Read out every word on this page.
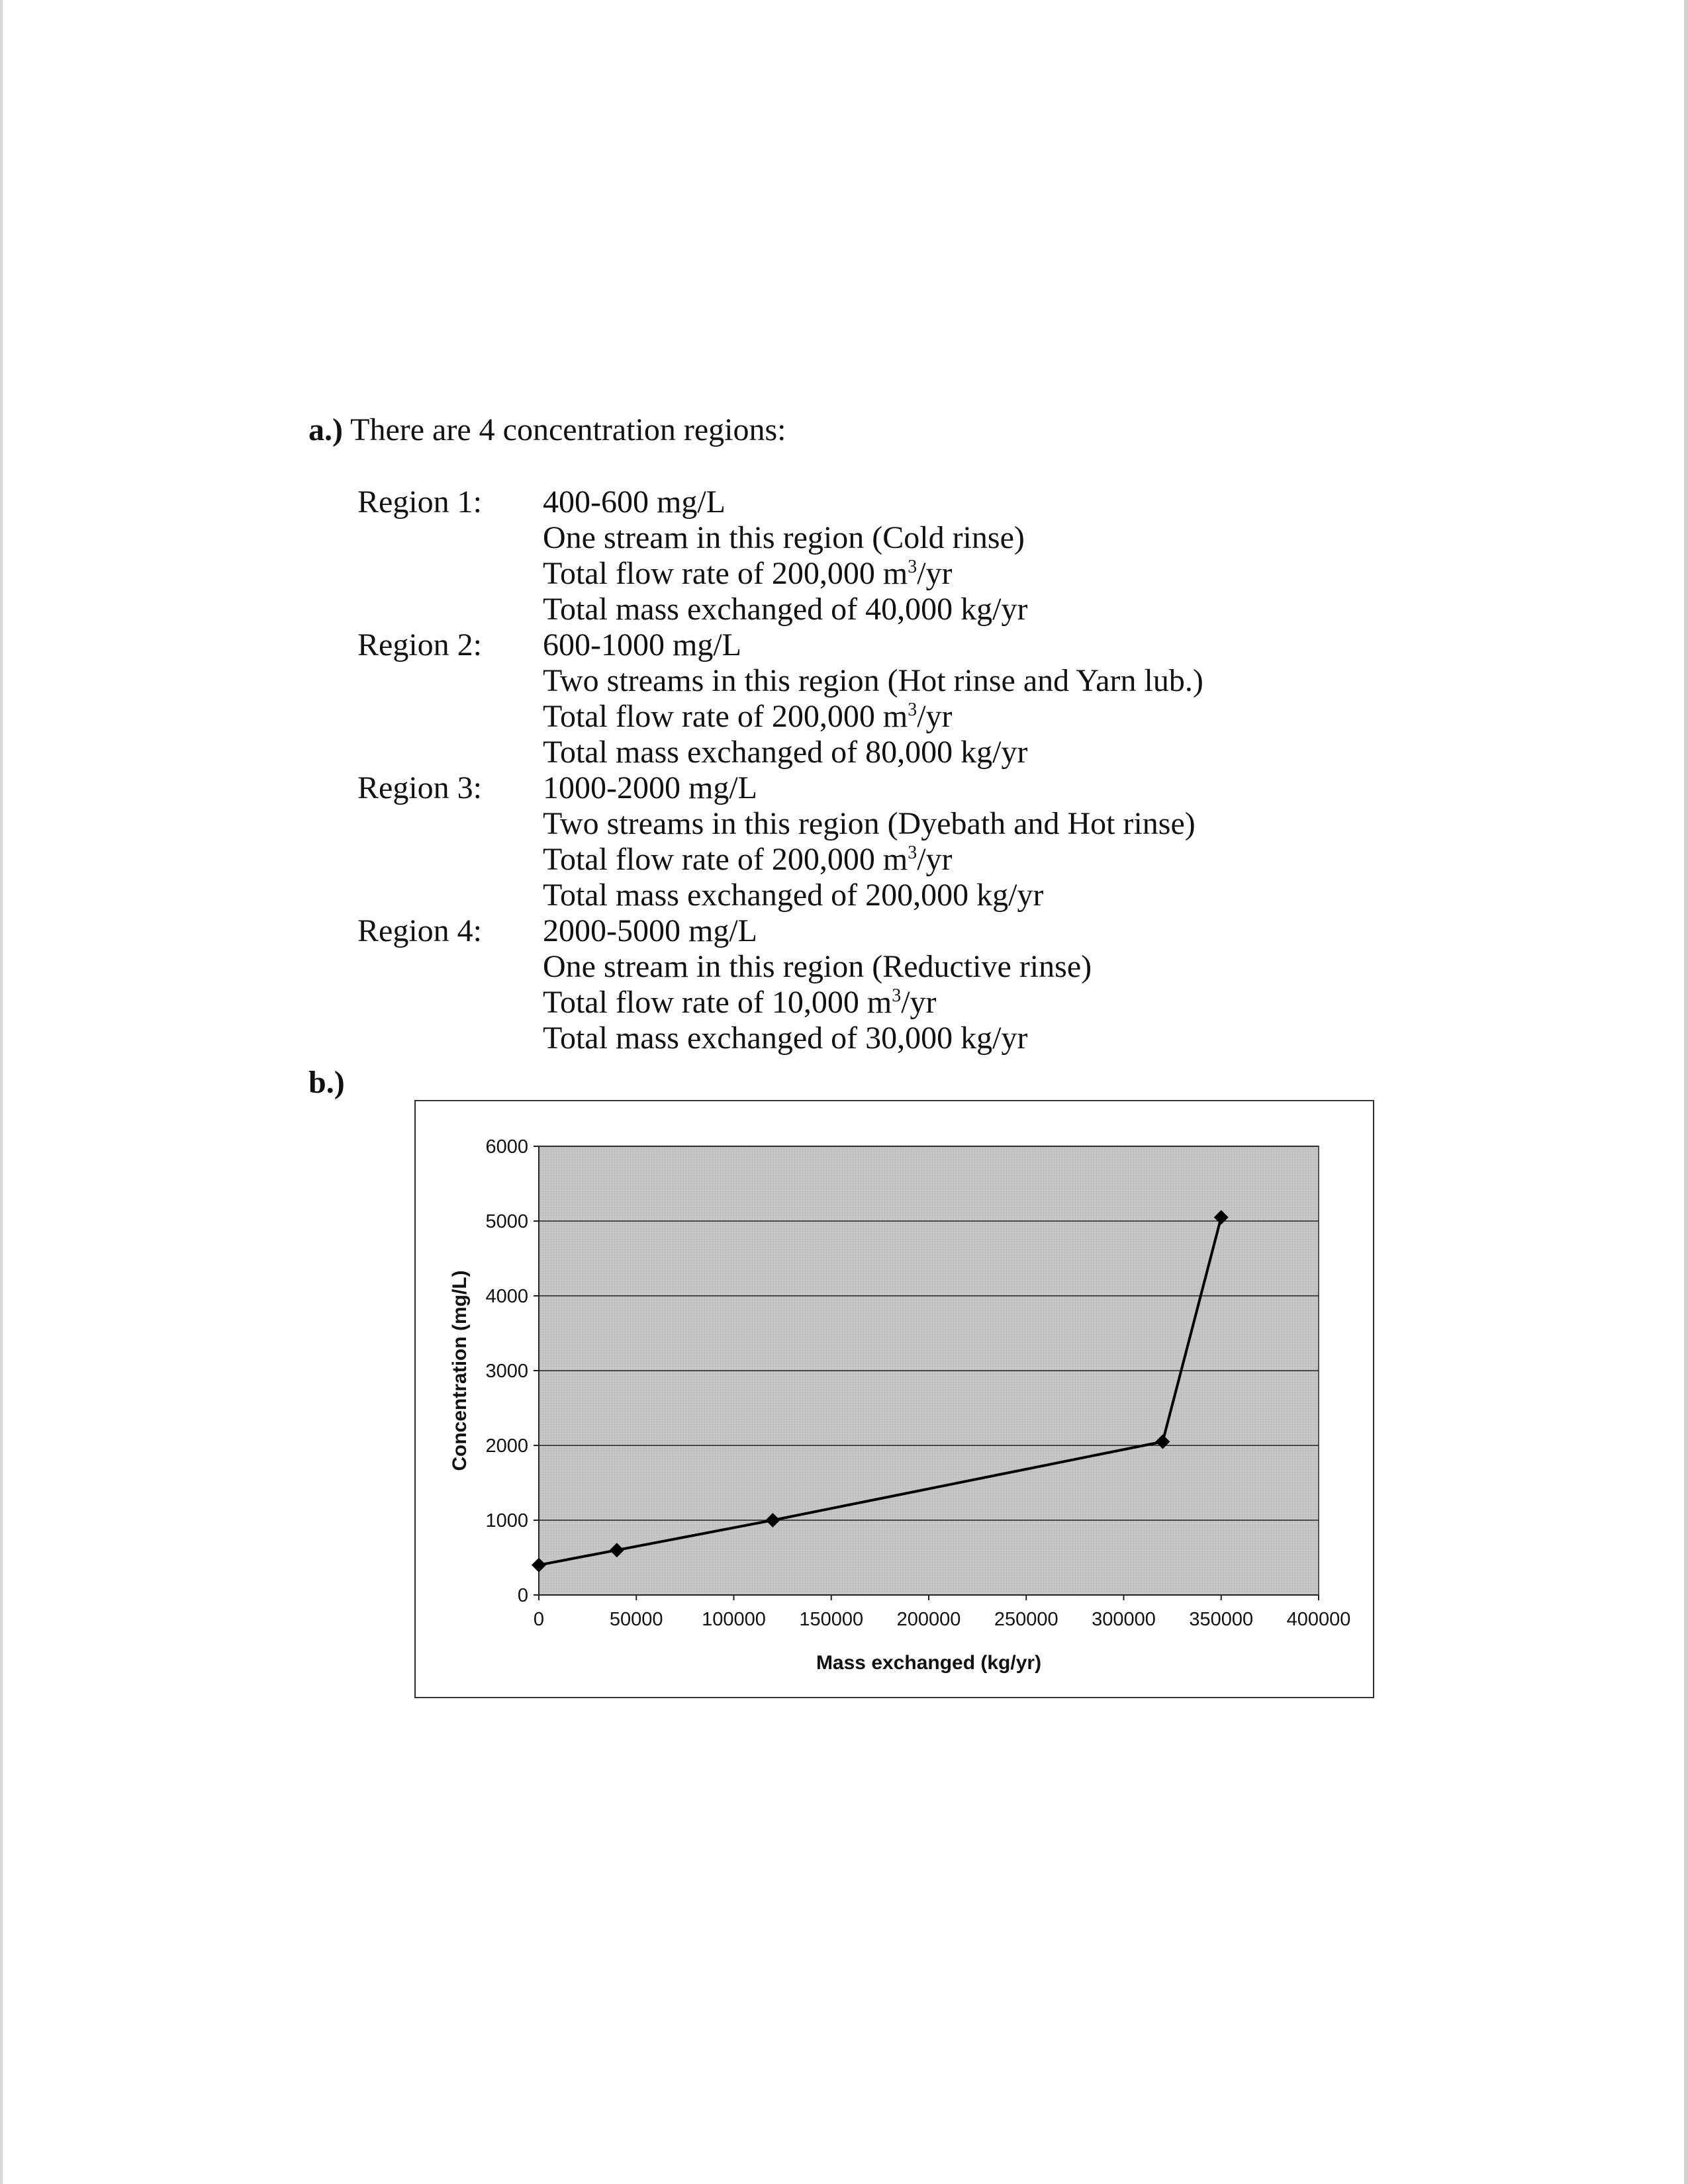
a.) There are 4 concentration regions:
Region 1: 400-600 mg/L
One stream in this region (Cold rinse)
Total flow rate of 200,000 $m^3/yr$
Total mass exchanged of 40,000 kg/yr
Region 2: 600-1000 mg/L
Two streams in this region (Hot rinse and Yarn lub.)
Total flow rate of 200,000 $m^3/yr$
Total mass exchanged of 80,000 kg/yr
Region 3: 1000-2000 mg/L
Two streams in this region (Dyebath and Hot rinse)
Total flow rate of 200,000 $m^3/yr$
Total mass exchanged of 200,000 kg/yr
Region 4: 2000-5000 mg/L
One stream in this region (Reductive rinse)
Total flow rate of 10,000 $m^3/yr$
Total mass exchanged of 30,000 kg/yr
b.)
0
1000
2000
3000
4000
5000
6000
0	50000 100000 150000 200000 250000 300000 350000 400000
Mass exchanged (kg/yr)
Concentration (mg/L)
